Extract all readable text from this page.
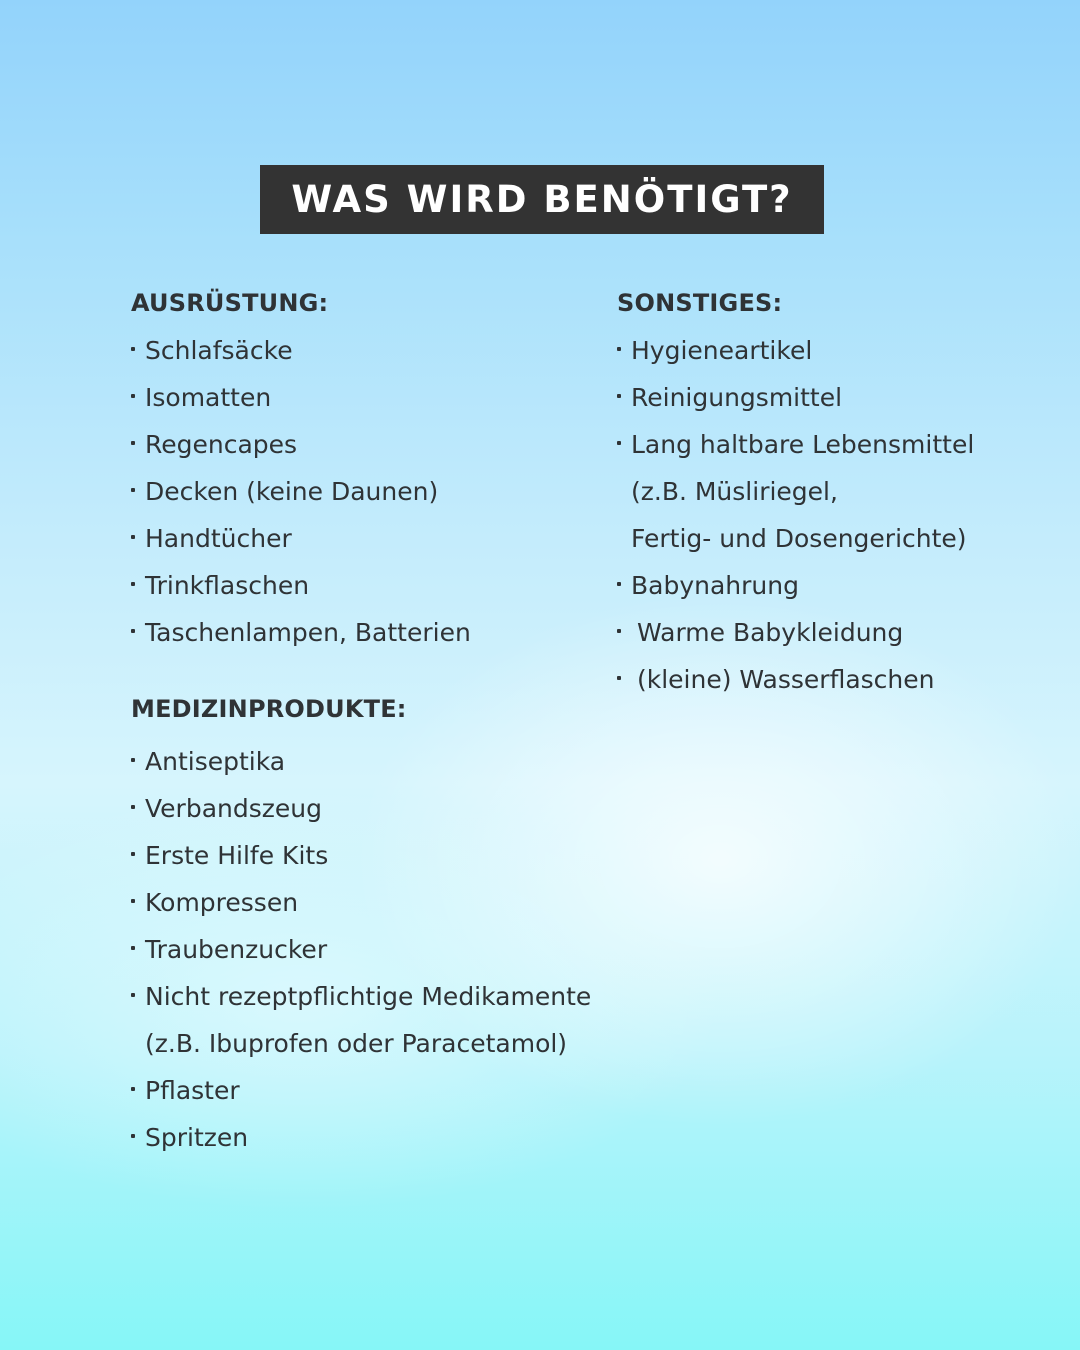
WAS WIRD BENÖTIGT?
AUSRÜSTUNG:
Schlafsäcke
Isomatten
Regencapes
Decken (keine Daunen)
Handtücher
Trinkflaschen
Taschenlampen, Batterien
MEDIZINPRODUKTE:
Antiseptika
Verbandszeug
Erste Hilfe Kits
Kompressen
Traubenzucker
Nicht rezeptpflichtige Medikamente
(z.B. Ibuprofen oder Paracetamol)
Pflaster
Spritzen
SONSTIGES:
Hygieneartikel
Reinigungsmittel
Lang haltbare Lebensmittel
(z.B. Müsliriegel,
Fertig- und Dosengerichte)
Babynahrung
Warme Babykleidung
(kleine) Wasserflaschen
